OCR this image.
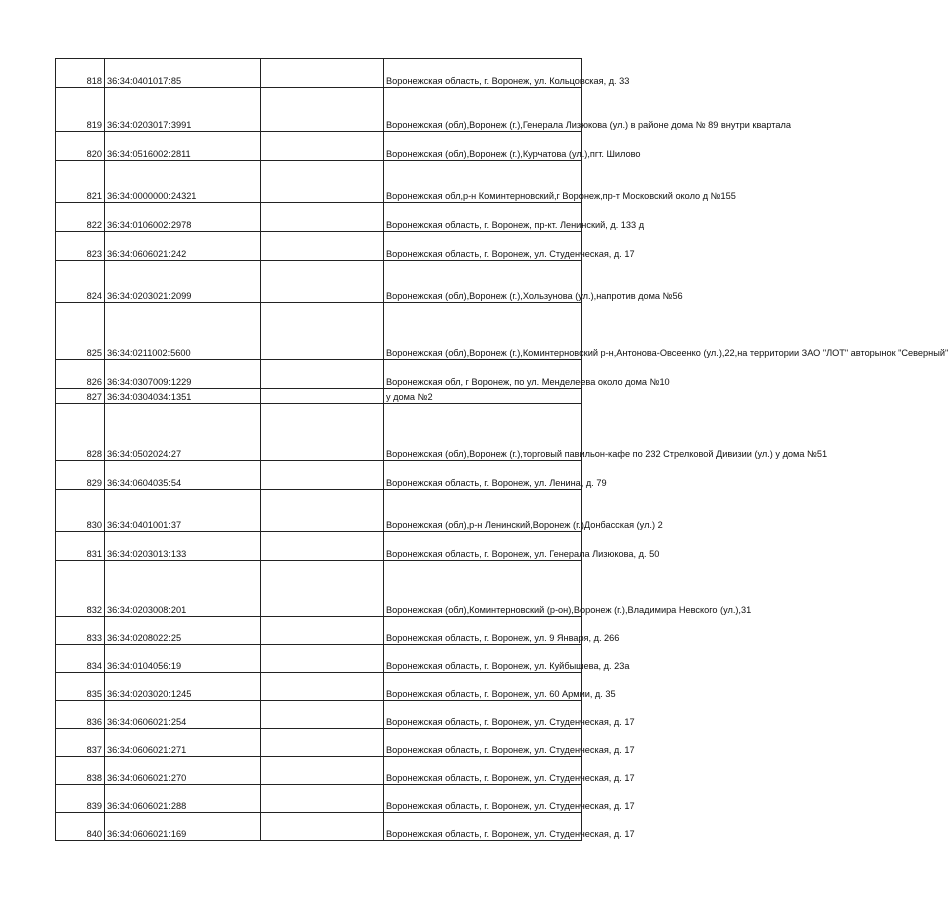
818	36:34:0401017:85		Воронежская область, г. Воронеж, ул. Кольцовская, д. 33
819	36:34:0203017:3991		Воронежская (обл),Воронеж (г.),Генерала Лизюкова (ул.) в районе дома № 89 внутри квартала
820	36:34:0516002:2811		Воронежская (обл),Воронеж (г.),Курчатова (ул.),пгт. Шилово
821	36:34:0000000:24321		Воронежская обл,р-н Коминтерновский,г Воронеж,пр-т Московский около д №155
822	36:34:0106002:2978		Воронежская область, г. Воронеж, пр-кт. Ленинский, д. 133 д
823	36:34:0606021:242		Воронежская область, г. Воронеж, ул. Студенческая, д. 17
824	36:34:0203021:2099		Воронежская (обл),Воронеж (г.),Хользунова (ул.),напротив дома №56
825	36:34:0211002:5600		Воронежская (обл),Воронеж (г.),Коминтерновский р-н,Антонова-Овсеенко (ул.),22,на территории ЗАО "ЛОТ" авторынок "Северный"
826	36:34:0307009:1229		Воронежская обл, г Воронеж, по ул. Менделеева около дома №10
827	36:34:0304034:1351		у дома №2
828	36:34:0502024:27		Воронежская (обл),Воронеж (г.),торговый павильон-кафе по 232 Стрелковой Дивизии (ул.) у дома №51
829	36:34:0604035:54		Воронежская область, г. Воронеж, ул. Ленина, д. 79
830	36:34:0401001:37		Воронежская (обл),р-н Ленинский,Воронеж (г.)Донбасская (ул.) 2
831	36:34:0203013:133		Воронежская область, г. Воронеж, ул. Генерала Лизюкова, д. 50
832	36:34:0203008:201		Воронежская (обл),Коминтерновский (р-он),Воронеж (г.),Владимира Невского (ул.),31
833	36:34:0208022:25		Воронежская область, г. Воронеж, ул. 9 Января, д. 266
834	36:34:0104056:19		Воронежская область, г. Воронеж, ул. Куйбышева, д. 23а
835	36:34:0203020:1245		Воронежская область, г. Воронеж, ул. 60 Армии, д. 35
836	36:34:0606021:254		Воронежская область, г. Воронеж, ул. Студенческая, д. 17
837	36:34:0606021:271		Воронежская область, г. Воронеж, ул. Студенческая, д. 17
838	36:34:0606021:270		Воронежская область, г. Воронеж, ул. Студенческая, д. 17
839	36:34:0606021:288		Воронежская область, г. Воронеж, ул. Студенческая, д. 17
840	36:34:0606021:169		Воронежская область, г. Воронеж, ул. Студенческая, д. 17
